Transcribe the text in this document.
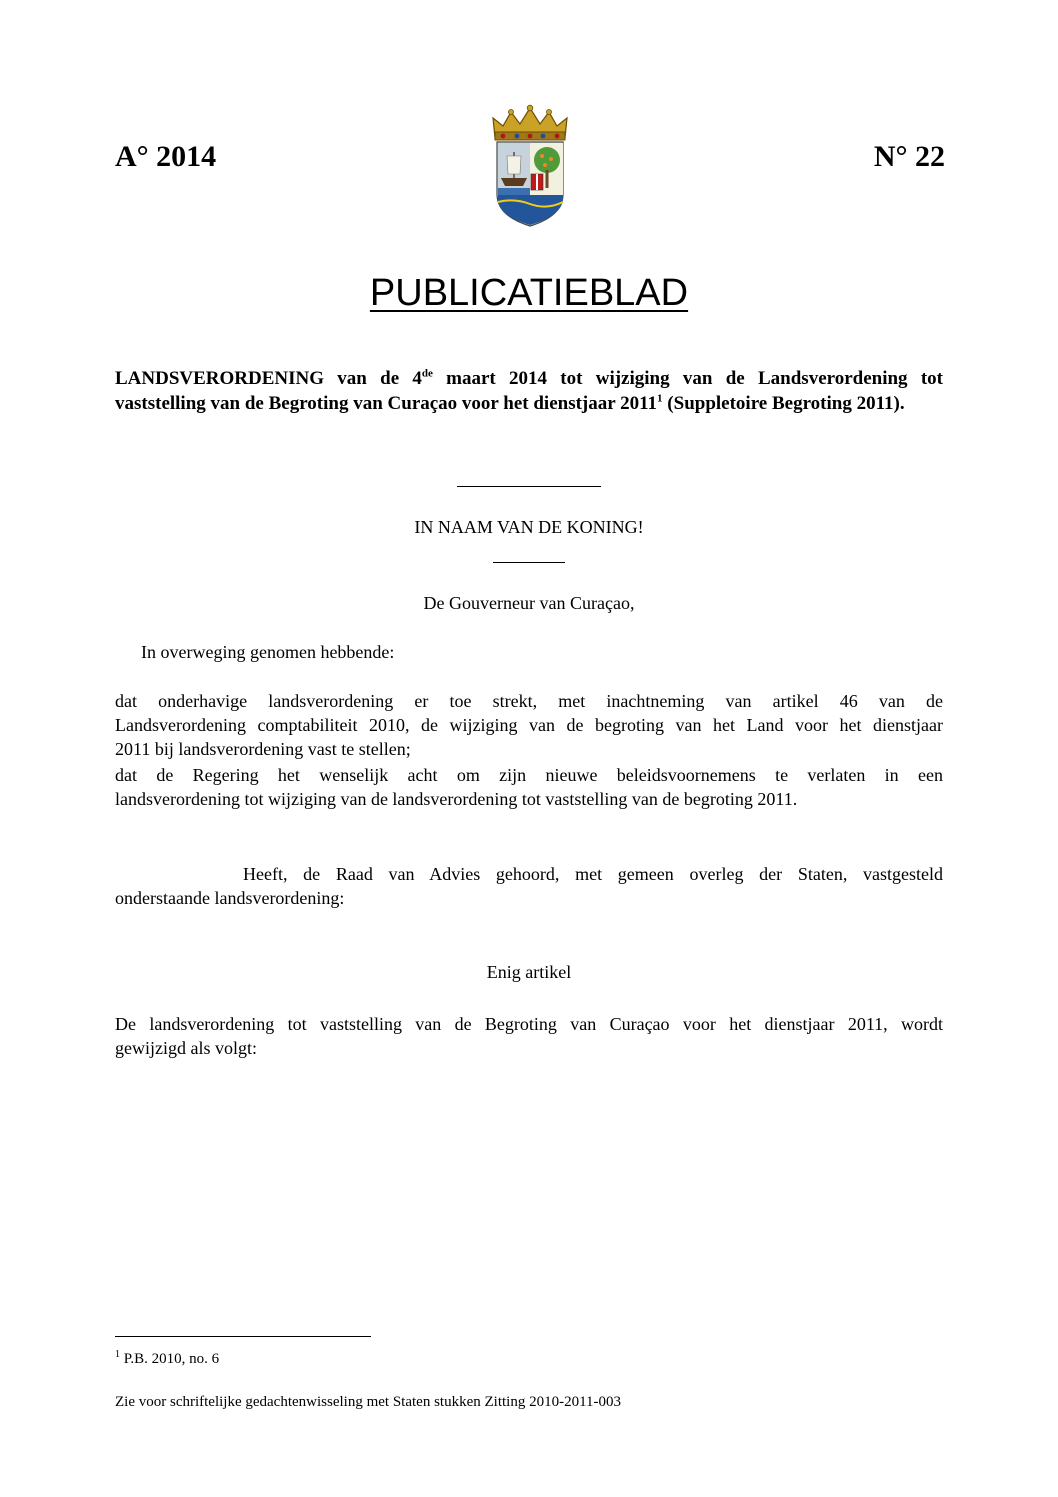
A° 2014	N° 22
PUBLICATIEBLAD
LANDSVERORDENING van de 4de maart 2014 tot wijziging van de Landsverordening tot vaststelling van de Begroting van Curaçao voor het dienstjaar 2011$^1$ (Suppletoire Begroting 2011).
IN NAAM VAN DE KONING!
De Gouverneur van Curaçao,
In overweging genomen hebbende:
dat onderhavige landsverordening er toe strekt, met inachtneming van artikel 46 van de
Landsverordening comptabiliteit 2010, de wijziging van de begroting van het Land voor het dienstjaar
2011 bij landsverordening vast te stellen;
dat de Regering het wenselijk acht om zijn nieuwe beleidsvoornemens te verlaten in een
landsverordening tot wijziging van de landsverordening tot vaststelling van de begroting 2011.
Heeft, de Raad van Advies gehoord, met gemeen overleg der Staten, vastgesteld
onderstaande landsverordening:
Enig artikel
De landsverordening tot vaststelling van de Begroting van Curaçao voor het dienstjaar 2011, wordt
gewijzigd als volgt:
$^1$ P.B. 2010, no. 6
Zie voor schriftelijke gedachtenwisseling met Staten stukken Zitting 2010-2011-003
